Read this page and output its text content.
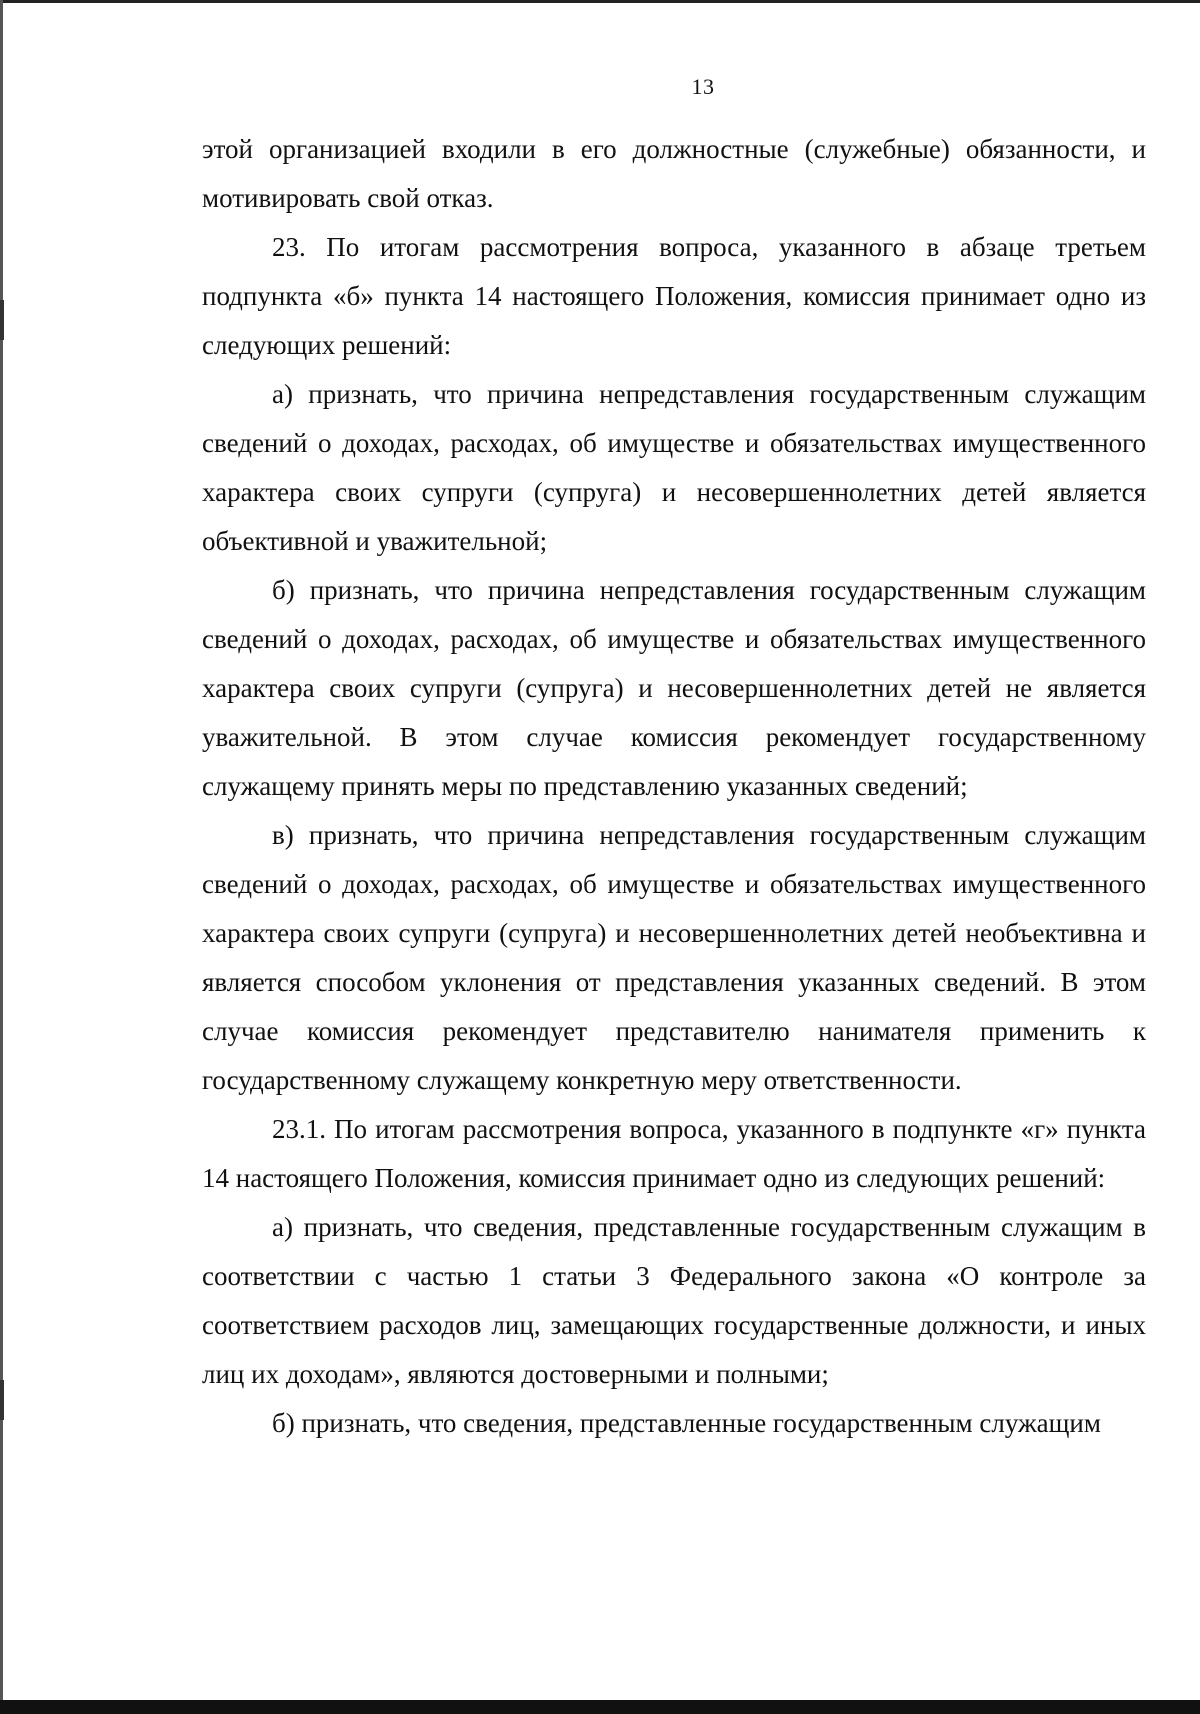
13

этой организацией входили в его должностные (служебные) обязанности, и мотивировать свой отказ.

23. По итогам рассмотрения вопроса, указанного в абзаце третьем подпункта «б» пункта 14 настоящего Положения, комиссия принимает одно из следующих решений:

а) признать, что причина непредставления государственным служащим сведений о доходах, расходах, об имуществе и обязательствах имущественного характера своих супруги (супруга) и несовершеннолетних детей является объективной и уважительной;

б) признать, что причина непредставления государственным служащим сведений о доходах, расходах, об имуществе и обязательствах имущественного характера своих супруги (супруга) и несовершеннолетних детей не является уважительной. В этом случае комиссия рекомендует государственному служащему принять меры по представлению указанных сведений;

в) признать, что причина непредставления государственным служащим сведений о доходах, расходах, об имуществе и обязательствах имущественного характера своих супруги (супруга) и несовершеннолетних детей необъективна и является способом уклонения от представления указанных сведений. В этом случае комиссия рекомендует представителю нанимателя применить к государственному служащему конкретную меру ответственности.

23.1. По итогам рассмотрения вопроса, указанного в подпункте «г» пункта 14 настоящего Положения, комиссия принимает одно из следующих решений:

а) признать, что сведения, представленные государственным служащим в соответствии с частью 1 статьи 3 Федерального закона «О контроле за соответствием расходов лиц, замещающих государственные должности, и иных лиц их доходам», являются достоверными и полными;

б) признать, что сведения, представленные государственным служащим
